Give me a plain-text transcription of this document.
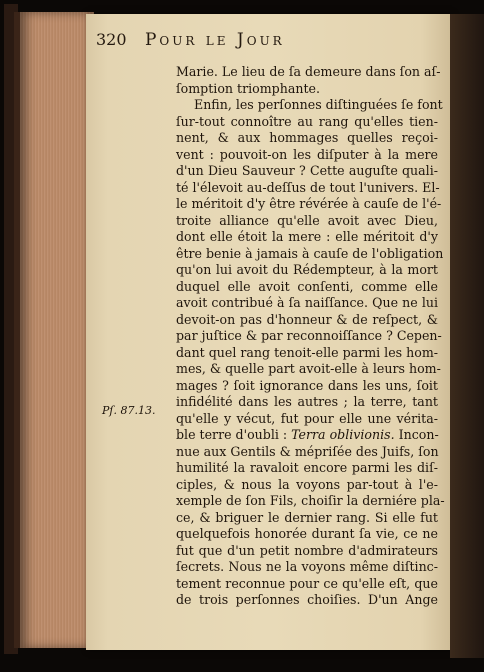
320 Pour le Jour
Pſ. 87.13.
Marie. Le lieu de ſa demeure dans ſon aſ-
ſomption triomphante.
Enfin, les perſonnes diſtinguées ſe font
ſur-tout connoître au rang qu'elles tien-
nent, & aux hommages quelles reçoi-
vent : pouvoit-on les diſputer à la mere
d'un Dieu Sauveur ? Cette auguſte quali-
té l'élevoit au-deſſus de tout l'univers. El-
le méritoit d'y être révérée à cauſe de l'é-
troite alliance qu'elle avoit avec Dieu,
dont elle étoit la mere : elle méritoit d'y
être benie à jamais à cauſe de l'obligation
qu'on lui avoit du Rédempteur, à la mort
duquel elle avoit conſenti, comme elle
avoit contribué à ſa naiſſance. Que ne lui
devoit-on pas d'honneur & de reſpect, &
par juſtice & par reconnoiſſance ? Cepen-
dant quel rang tenoit-elle parmi les hom-
mes, & quelle part avoit-elle à leurs hom-
mages ? ſoit ignorance dans les uns, ſoit
infidélité dans les autres ; la terre, tant
qu'elle y vécut, fut pour elle une vérita-
ble terre d'oubli : Terra oblivionis. Incon-
nue aux Gentils & mépriſée des Juifs, ſon
humilité la ravaloit encore parmi les diſ-
ciples, & nous la voyons par-tout à l'e-
xemple de ſon Fils, choiſir la derniére pla-
ce, & briguer le dernier rang. Si elle fut
quelquefois honorée durant ſa vie, ce ne
fut que d'un petit nombre d'admirateurs
ſecrets. Nous ne la voyons même diſtinc-
tement reconnue pour ce qu'elle eſt, que
de trois perſonnes choiſies. D'un Ange
